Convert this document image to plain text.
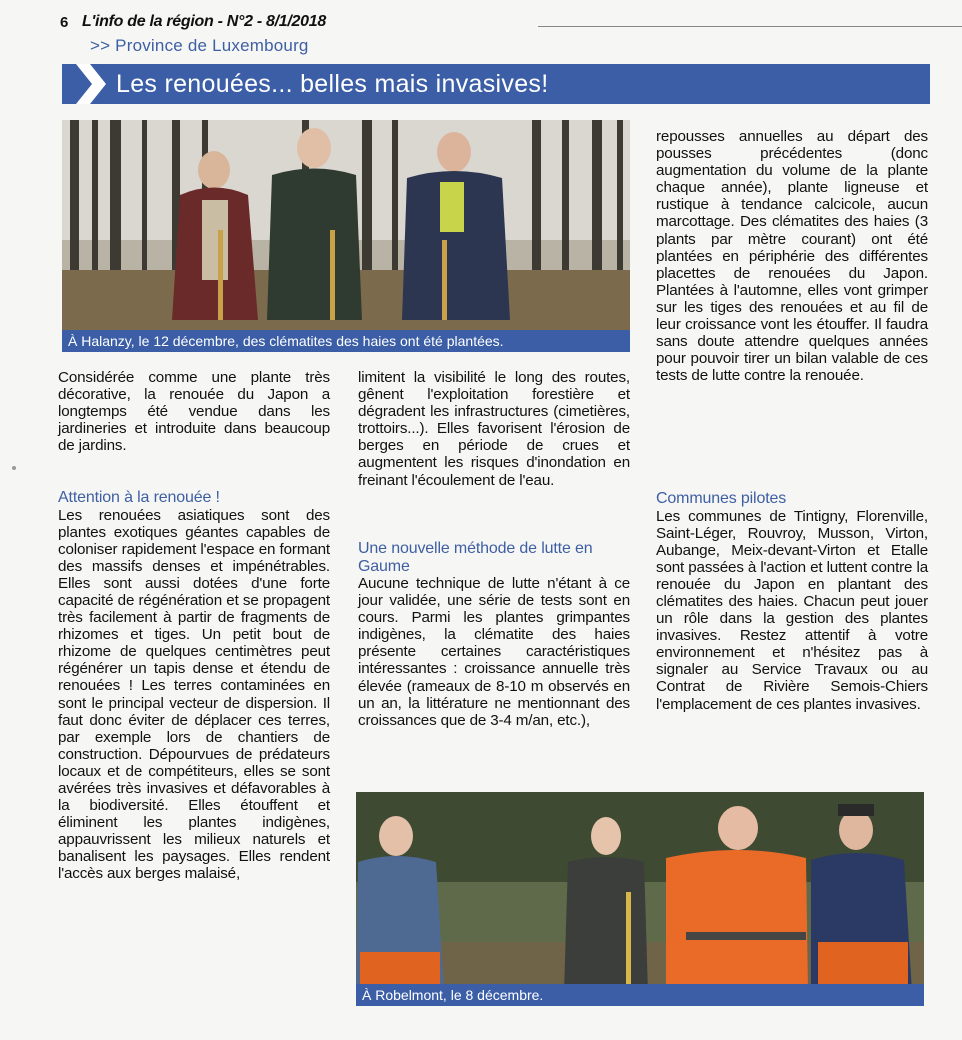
6 L'info de la région - N°2 - 8/1/2018
>> Province de Luxembourg
Les renouées... belles mais invasives!
À Halanzy, le 12 décembre, des clématites des haies ont été plantées.

Considérée comme une plante très décorative, la renouée du Japon a longtemps été vendue dans les jardineries et introduite dans beaucoup de jardins.

Attention à la renouée !

Les renouées asiatiques sont des plantes exotiques géantes capables de coloniser rapidement l'espace en formant des massifs denses et impénétrables. Elles sont aussi dotées d'une forte capacité de régénération et se propagent très facilement à partir de fragments de rhizomes et tiges. Un petit bout de rhizome de quelques centimètres peut régénérer un tapis dense et étendu de renouées ! Les terres contaminées en sont le principal vecteur de dispersion. Il faut donc éviter de déplacer ces terres, par exemple lors de chantiers de construction. Dépourvues de prédateurs locaux et de compétiteurs, elles se sont avérées très invasives et défavorables à la biodiversité. Elles étouffent et éliminent les plantes indigènes, appauvrissent les milieux naturels et banalisent les paysages. Elles rendent l'accès aux berges malaisé,

limitent la visibilité le long des routes, gênent l'exploitation forestière et dégradent les infrastructures (cimetières, trottoirs...). Elles favorisent l'érosion de berges en période de crues et augmentent les risques d'inondation en freinant l'écoulement de l'eau.

Une nouvelle méthode de lutte en Gaume

Aucune technique de lutte n'étant à ce jour validée, une série de tests sont en cours. Parmi les plantes grimpantes indigènes, la clématite des haies présente certaines caractéristiques intéressantes : croissance annuelle très élevée (rameaux de 8-10 m observés en un an, la littérature ne mentionnant des croissances que de 3-4 m/an, etc.),

repousses annuelles au départ des pousses précédentes (donc augmentation du volume de la plante chaque année), plante ligneuse et rustique à tendance calcicole, aucun marcottage. Des clématites des haies (3 plants par mètre courant) ont été plantées en périphérie des différentes placettes de renouées du Japon. Plantées à l'automne, elles vont grimper sur les tiges des renouées et au fil de leur croissance vont les étouffer. Il faudra sans doute attendre quelques années pour pouvoir tirer un bilan valable de ces tests de lutte contre la renouée.

Communes pilotes

Les communes de Tintigny, Florenville, Saint-Léger, Rouvroy, Musson, Virton, Aubange, Meix-devant-Virton et Etalle sont passées à l'action et luttent contre la renouée du Japon en plantant des clématites des haies. Chacun peut jouer un rôle dans la gestion des plantes invasives. Restez attentif à votre environnement et n'hésitez pas à signaler au Service Travaux ou au Contrat de Rivière Semois-Chiers l'emplacement de ces plantes invasives.

À Robelmont, le 8 décembre.
